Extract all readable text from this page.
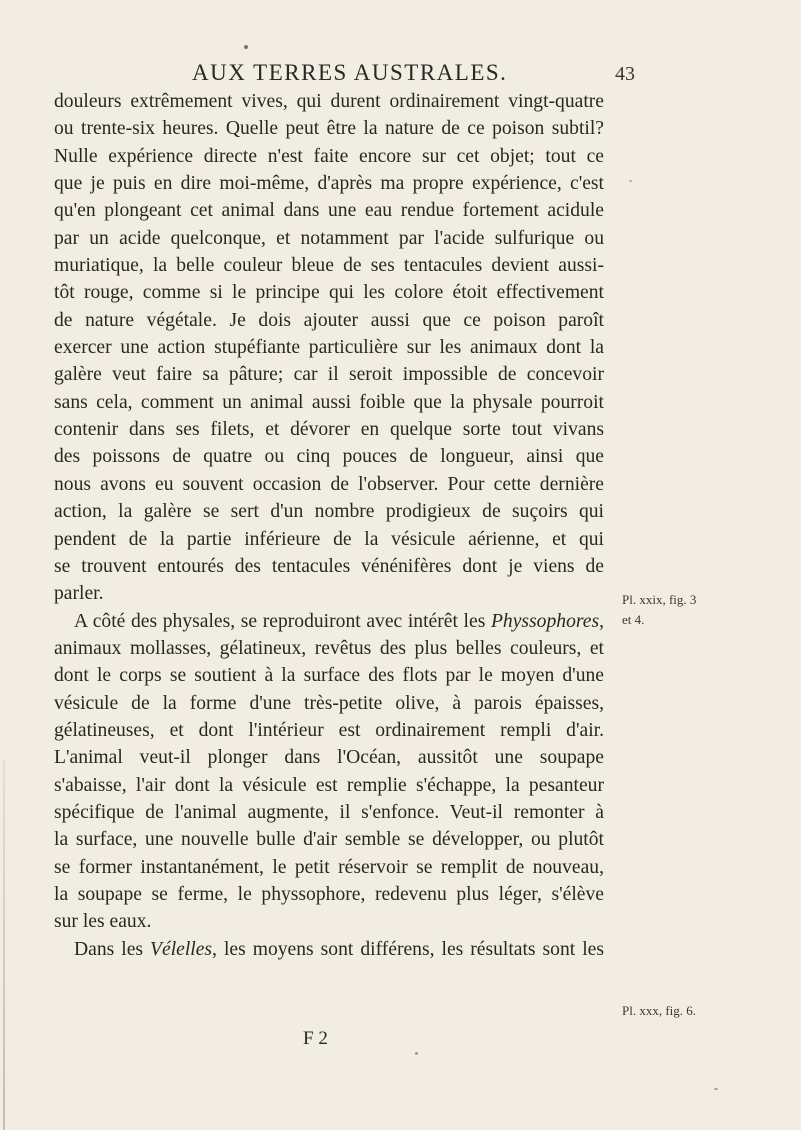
AUX TERRES AUSTRALES.	43
douleurs extrêmement vives, qui durent ordinairement vingt-quatre
ou trente-six heures. Quelle peut être la nature de ce poison subtil?
Nulle expérience directe n'est faite encore sur cet objet; tout ce
que je puis en dire moi-même, d'après ma propre expérience, c'est
qu'en plongeant cet animal dans une eau rendue fortement acidule
par un acide quelconque, et notamment par l'acide sulfurique ou
muriatique, la belle couleur bleue de ses tentacules devient aussi-
tôt rouge, comme si le principe qui les colore étoit effectivement
de nature végétale. Je dois ajouter aussi que ce poison paroît
exercer une action stupéfiante particulière sur les animaux dont la
galère veut faire sa pâture; car il seroit impossible de concevoir
sans cela, comment un animal aussi foible que la physale pourroit
contenir dans ses filets, et dévorer en quelque sorte tout vivans
des poissons de quatre ou cinq pouces de longueur, ainsi que
nous avons eu souvent occasion de l'observer. Pour cette dernière
action, la galère se sert d'un nombre prodigieux de suçoirs qui
pendent de la partie inférieure de la vésicule aérienne, et qui
se trouvent entourés des tentacules vénénifères dont je viens de
parler.
A côté des physales, se reproduiront avec intérêt les Physsophores,
animaux mollasses, gélatineux, revêtus des plus belles couleurs, et
dont le corps se soutient à la surface des flots par le moyen d'une
vésicule de la forme d'une très-petite olive, à parois épaisses,
gélatineuses, et dont l'intérieur est ordinairement rempli d'air.
L'animal veut-il plonger dans l'Océan, aussitôt une soupape
s'abaisse, l'air dont la vésicule est remplie s'échappe, la pesanteur
spécifique de l'animal augmente, il s'enfonce. Veut-il remonter à
la surface, une nouvelle bulle d'air semble se développer, ou plutôt
se former instantanément, le petit réservoir se remplit de nouveau,
la soupape se ferme, le physsophore, redevenu plus léger, s'élève
sur les eaux.
Dans les Vélelles, les moyens sont différens, les résultats sont les
Pl. xxix, fig. 3
et 4.
Pl. xxx, fig. 6.
F 2
